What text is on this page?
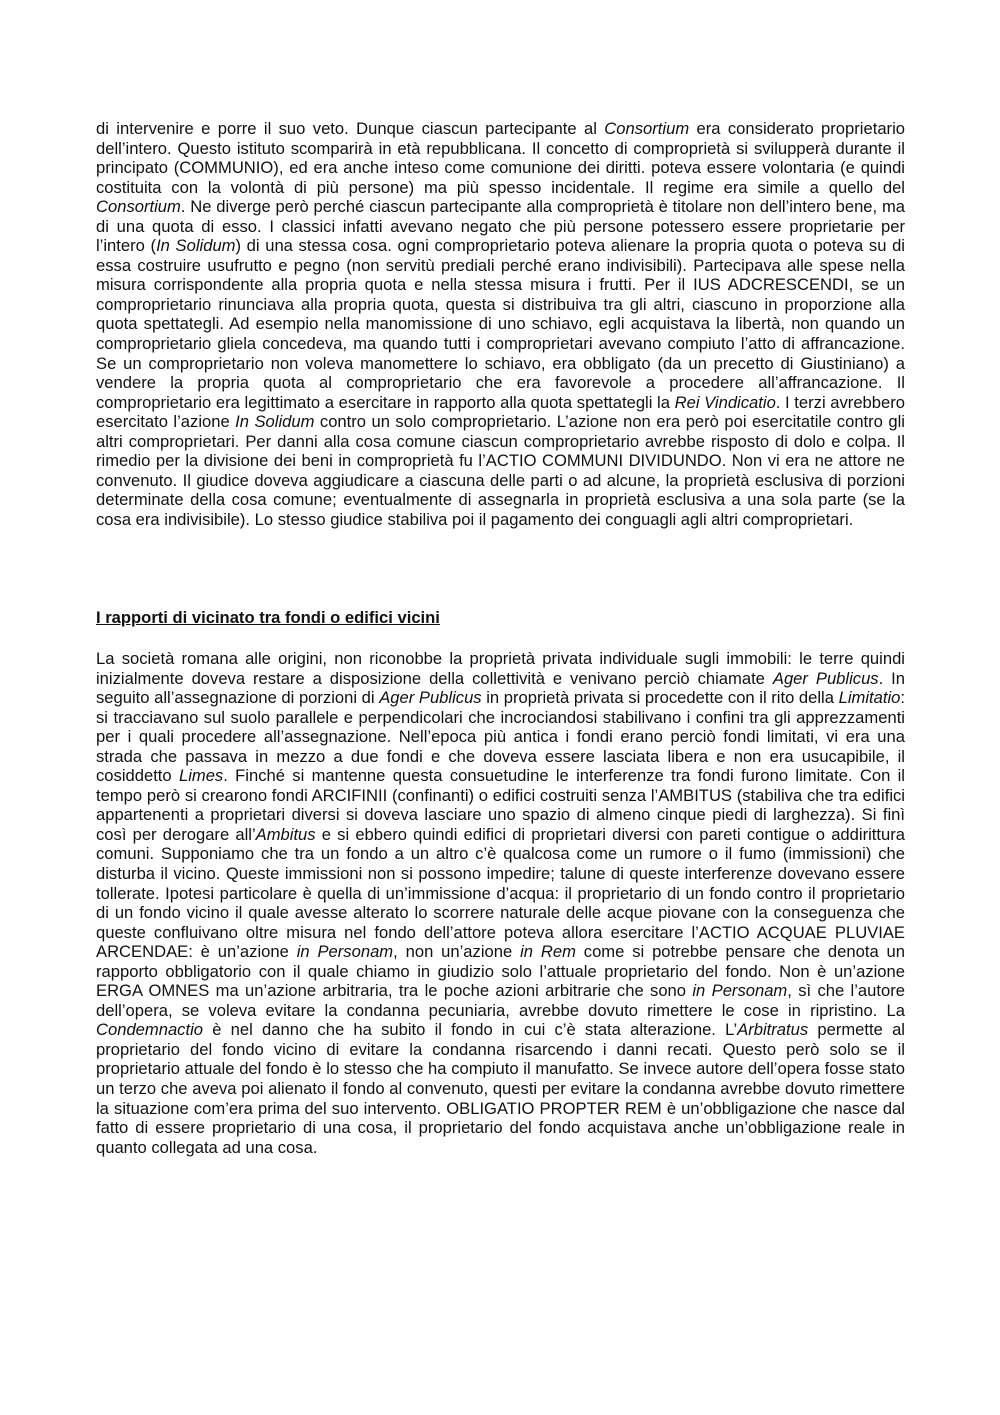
di intervenire e porre il suo veto. Dunque ciascun partecipante al Consortium era considerato proprietario dell’intero. Questo istituto scomparirà in età repubblicana. Il concetto di comproprietà si svilupperà durante il principato (COMMUNIO), ed era anche inteso come comunione dei diritti. poteva essere volontaria (e quindi costituita con la volontà di più persone) ma più spesso incidentale. Il regime era simile a quello del Consortium. Ne diverge però perché ciascun partecipante alla comproprietà è titolare non dell’intero bene, ma di una quota di esso. I classici infatti avevano negato che più persone potessero essere proprietarie per l’intero (In Solidum) di una stessa cosa. ogni comproprietario poteva alienare la propria quota o poteva su di essa costruire usufrutto e pegno (non servitù prediali perché erano indivisibili). Partecipava alle spese nella misura corrispondente alla propria quota e nella stessa misura i frutti. Per il IUS ADCRESCENDI, se un comproprietario rinunciava alla propria quota, questa si distribuiva tra gli altri, ciascuno in proporzione alla quota spettategli. Ad esempio nella manomissione di uno schiavo, egli acquistava la libertà, non quando un comproprietario gliela concedeva, ma quando tutti i comproprietari avevano compiuto l’atto di affrancazione. Se un comproprietario non voleva manomettere lo schiavo, era obbligato (da un precetto di Giustiniano) a vendere la propria quota al comproprietario che era favorevole a procedere all’affrancazione. Il comproprietario era legittimato a esercitare in rapporto alla quota spettategli la Rei Vindicatio. I terzi avrebbero esercitato l’azione In Solidum contro un solo comproprietario. L’azione non era però poi esercitatile contro gli altri comproprietari. Per danni alla cosa comune ciascun comproprietario avrebbe risposto di dolo e colpa. Il rimedio per la divisione dei beni in comproprietà fu l’ACTIO COMMUNI DIVIDUNDO. Non vi era ne attore ne convenuto. Il giudice doveva aggiudicare a ciascuna delle parti o ad alcune, la proprietà esclusiva di porzioni determinate della cosa comune; eventualmente di assegnarla in proprietà esclusiva a una sola parte (se la cosa era indivisibile). Lo stesso giudice stabiliva poi il pagamento dei conguagli agli altri comproprietari.

I rapporti di vicinato tra fondi o edifici vicini

La società romana alle origini, non riconobbe la proprietà privata individuale sugli immobili: le terre quindi inizialmente doveva restare a disposizione della collettività e venivano perciò chiamate Ager Publicus. In seguito all’assegnazione di porzioni di Ager Publicus in proprietà privata si procedette con il rito della Limitatio: si tracciavano sul suolo parallele e perpendicolari che incrociandosi stabilivano i confini tra gli apprezzamenti per i quali procedere all’assegnazione. Nell’epoca più antica i fondi erano perciò fondi limitati, vi era una strada che passava in mezzo a due fondi e che doveva essere lasciata libera e non era usucapibile, il cosiddetto Limes. Finché si mantenne questa consuetudine le interferenze tra fondi furono limitate. Con il tempo però si crearono fondi ARCIFINII (confinanti) o edifici costruiti senza l’AMBITUS (stabiliva che tra edifici appartenenti a proprietari diversi si doveva lasciare uno spazio di almeno cinque piedi di larghezza). Si finì così per derogare all’Ambitus e si ebbero quindi edifici di proprietari diversi con pareti contigue o addirittura comuni. Supponiamo che tra un fondo a un altro c’è qualcosa come un rumore o il fumo (immissioni) che disturba il vicino. Queste immissioni non si possono impedire; talune di queste interferenze dovevano essere tollerate. Ipotesi particolare è quella di un’immissione d’acqua: il proprietario di un fondo contro il proprietario di un fondo vicino il quale avesse alterato lo scorrere naturale delle acque piovane con la conseguenza che queste confluivano oltre misura nel fondo dell’attore poteva allora esercitare l’ACTIO ACQUAE PLUVIAE ARCENDAE: è un’azione in Personam, non un’azione in Rem come si potrebbe pensare che denota un rapporto obbligatorio con il quale chiamo in giudizio solo l’attuale proprietario del fondo. Non è un’azione ERGA OMNES ma un’azione arbitraria, tra le poche azioni arbitrarie che sono in Personam, sì che l’autore dell’opera, se voleva evitare la condanna pecuniaria, avrebbe dovuto rimettere le cose in ripristino. La Condemnactio è nel danno che ha subito il fondo in cui c’è stata alterazione. L’Arbitratus permette al proprietario del fondo vicino di evitare la condanna risarcendo i danni recati. Questo però solo se il proprietario attuale del fondo è lo stesso che ha compiuto il manufatto. Se invece autore dell’opera fosse stato un terzo che aveva poi alienato il fondo al convenuto, questi per evitare la condanna avrebbe dovuto rimettere la situazione com’era prima del suo intervento. OBLIGATIO PROPTER REM è un’obbligazione che nasce dal fatto di essere proprietario di una cosa, il proprietario del fondo acquistava anche un’obbligazione reale in quanto collegata ad una cosa.
